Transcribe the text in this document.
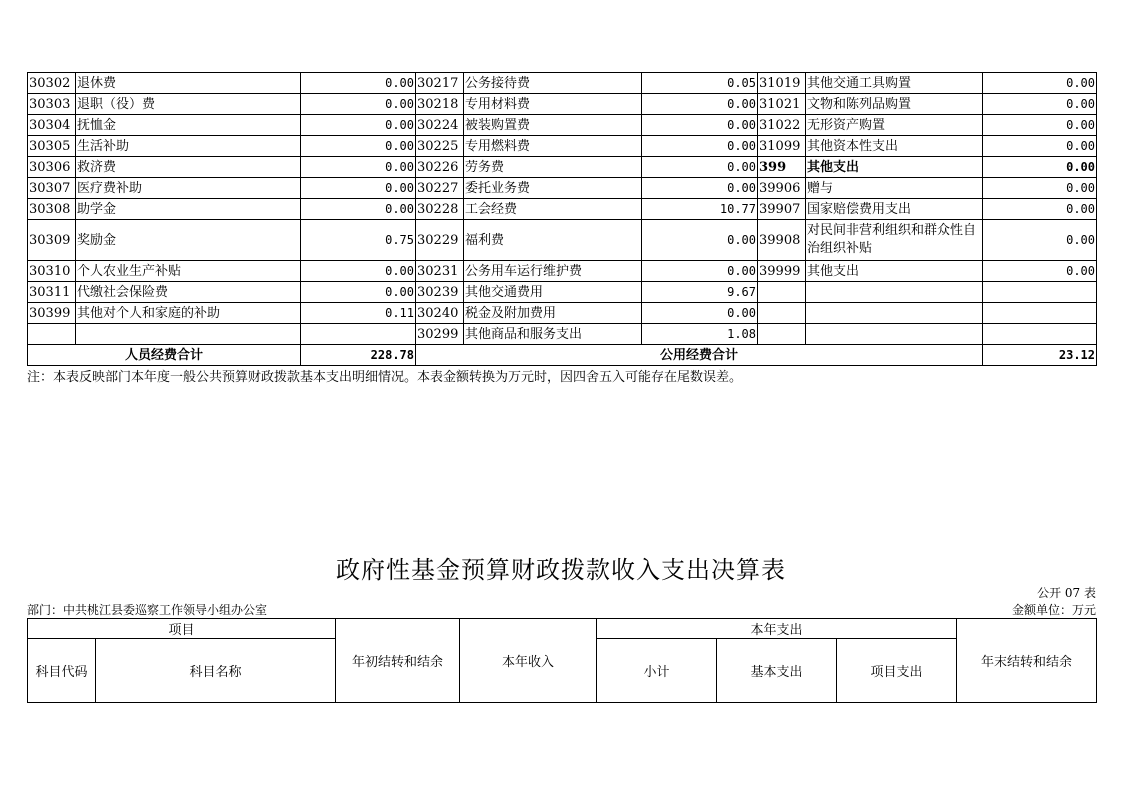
30302	退休费	0.00	30217	公务接待费	0.05	31019	其他交通工具购置	0.00
30303	退职（役）费	0.00	30218	专用材料费	0.00	31021	文物和陈列品购置	0.00
30304	抚恤金	0.00	30224	被装购置费	0.00	31022	无形资产购置	0.00
30305	生活补助	0.00	30225	专用燃料费	0.00	31099	其他资本性支出	0.00
30306	救济费	0.00	30226	劳务费	0.00	399	其他支出	0.00
30307	医疗费补助	0.00	30227	委托业务费	0.00	39906	赠与	0.00
30308	助学金	0.00	30228	工会经费	10.77	39907	国家赔偿费用支出	0.00
30309	奖励金	0.75	30229	福利费	0.00	39908	对民间非营利组织和群众性自治组织补贴	0.00
30310	个人农业生产补贴	0.00	30231	公务用车运行维护费	0.00	39999	其他支出	0.00
30311	代缴社会保险费	0.00	30239	其他交通费用	9.67			
30399	其他对个人和家庭的补助	0.11	30240	税金及附加费用	0.00			
			30299	其他商品和服务支出	1.08			
人员经费合计		228.78	公用经费合计					23.12
注：本表反映部门本年度一般公共预算财政拨款基本支出明细情况。本表金额转换为万元时，因四舍五入可能存在尾数误差。
政府性基金预算财政拨款收入支出决算表
公开 07 表
部门：中共桃江县委巡察工作领导小组办公室	金额单位：万元
项目		年初结转和结余	本年收入	本年支出			年末结转和结余
科目代码	科目名称			小计	基本支出	项目支出	
